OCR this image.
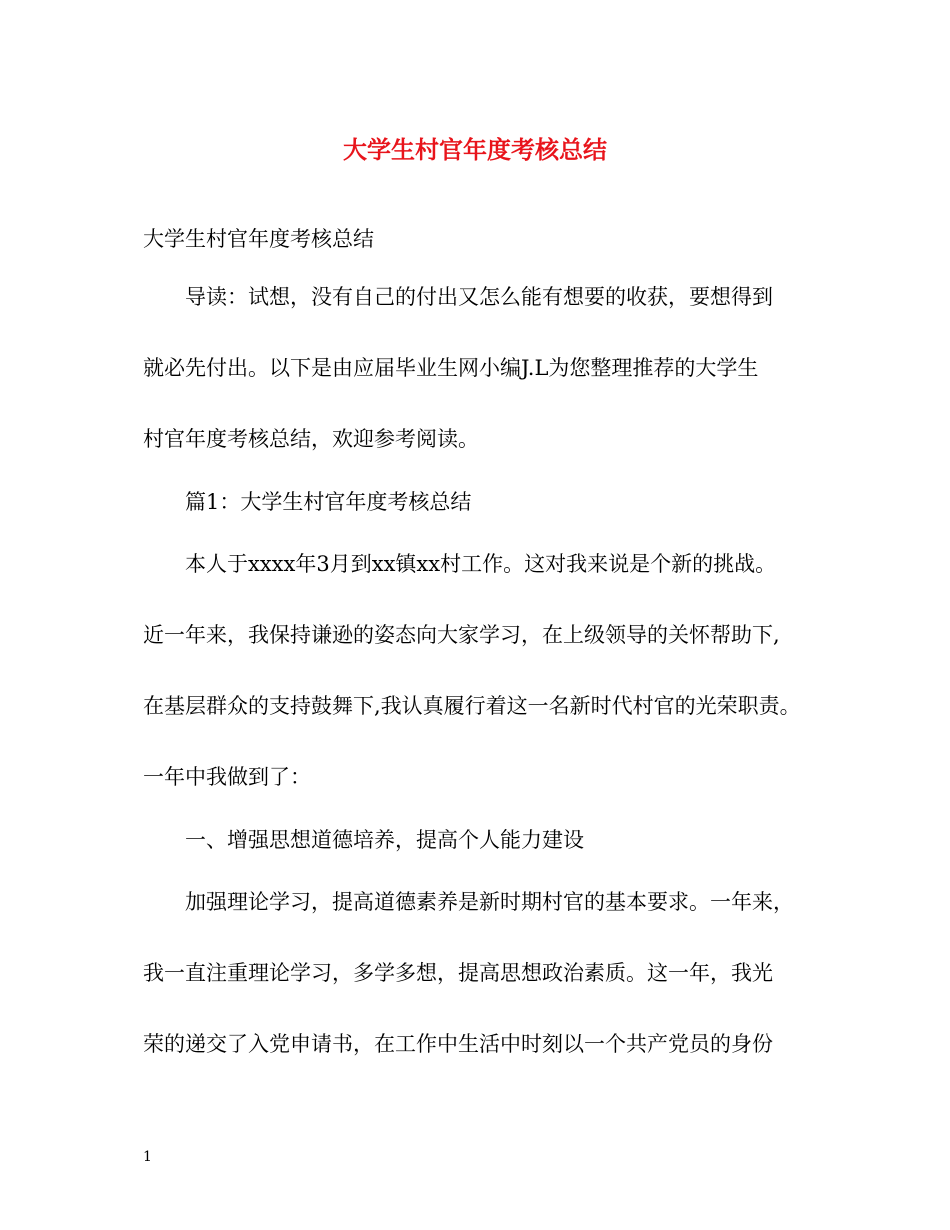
大学生村官年度考核总结
大学生村官年度考核总结
导读：试想，没有自己的付出又怎么能有想要的收获，要想得到
就必先付出。以下是由应届毕业生网小编J.L为您整理推荐的大学生
村官年度考核总结，欢迎参考阅读。
篇1：大学生村官年度考核总结
本人于xxxx年3月到xx镇xx村工作。这对我来说是个新的挑战。
近一年来，我保持谦逊的姿态向大家学习，在上级领导的关怀帮助下,
在基层群众的支持鼓舞下,我认真履行着这一名新时代村官的光荣职责。
一年中我做到了：
一、增强思想道德培养，提高个人能力建设
加强理论学习，提高道德素养是新时期村官的基本要求。一年来，
我一直注重理论学习，多学多想，提高思想政治素质。这一年，我光
荣的递交了入党申请书，在工作中生活中时刻以一个共产党员的身份
1
